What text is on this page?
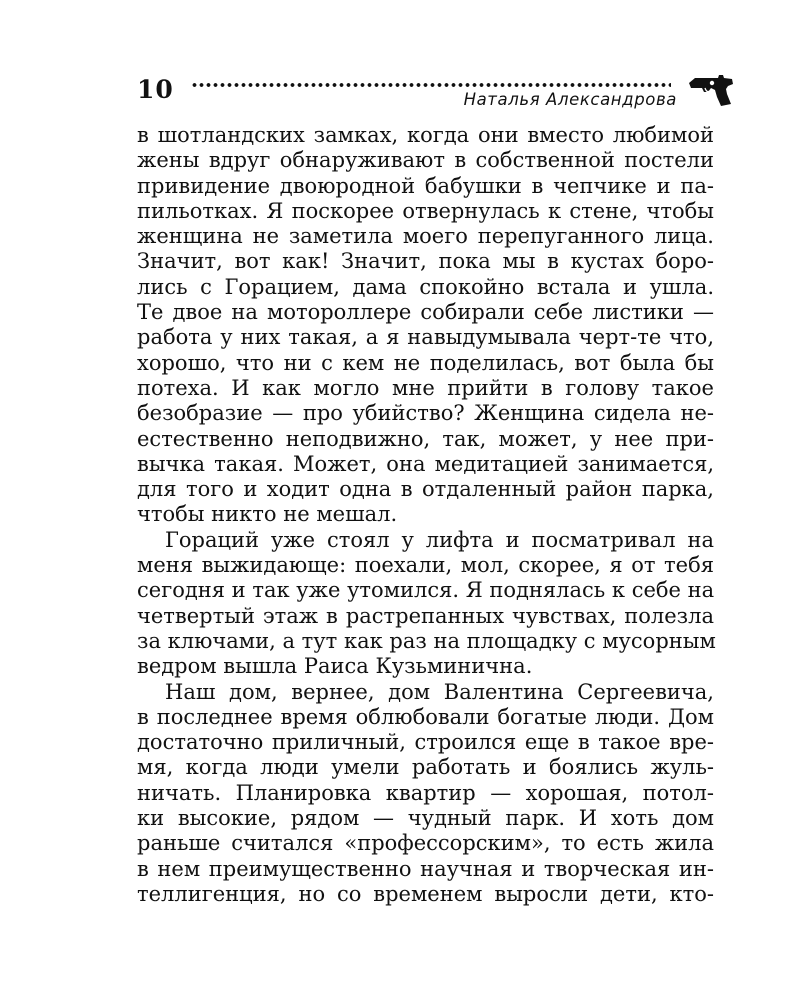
10	Наталья Александрова
в шотландских замках, когда они вместо любимой
жены вдруг обнаруживают в собственной постели
привидение двоюродной бабушки в чепчике и па-
пильотках. Я поскорее отвернулась к стене, чтобы
женщина не заметила моего перепуганного лица.
Значит, вот как! Значит, пока мы в кустах боро-
лись с Горацием, дама спокойно встала и ушла.
Те двое на мотороллере собирали себе листики —
работа у них такая, а я навыдумывала черт-те что,
хорошо, что ни с кем не поделилась, вот была бы
потеха. И как могло мне прийти в голову такое
безобразие — про убийство? Женщина сидела не-
естественно неподвижно, так, может, у нее при-
вычка такая. Может, она медитацией занимается,
для того и ходит одна в отдаленный район парка,
чтобы никто не мешал.
Гораций уже стоял у лифта и посматривал на
меня выжидающе: поехали, мол, скорее, я от тебя
сегодня и так уже утомился. Я поднялась к себе на
четвертый этаж в растрепанных чувствах, полезла
за ключами, а тут как раз на площадку с мусорным
ведром вышла Раиса Кузьминична.
Наш дом, вернее, дом Валентина Сергеевича,
в последнее время облюбовали богатые люди. Дом
достаточно приличный, строился еще в такое вре-
мя, когда люди умели работать и боялись жуль-
ничать. Планировка квартир — хорошая, потол-
ки высокие, рядом — чудный парк. И хоть дом
раньше считался «профессорским», то есть жила
в нем преимущественно научная и творческая ин-
теллигенция, но со временем выросли дети, кто-
